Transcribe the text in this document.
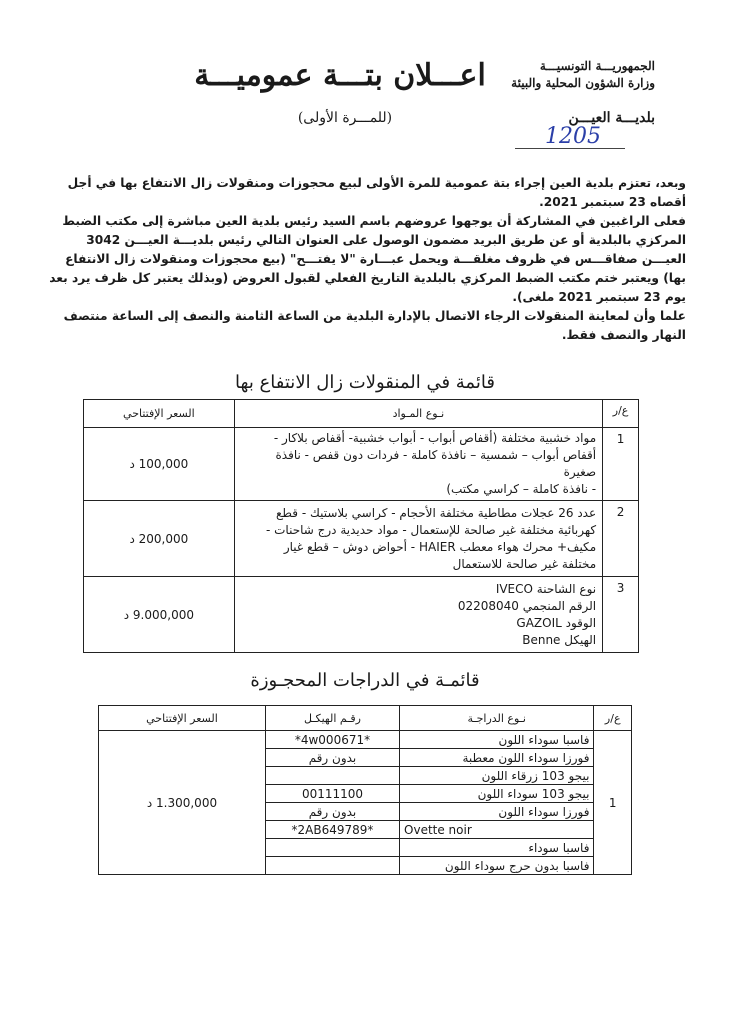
الجمهوريـــة التونسيـــة
وزارة الشؤون المحلية والبيئة
بلديـــة العيـــن
1205
اعـــلان بتـــة عموميـــة
(للمـــرة الأولى)

وبعد، تعتزم بلدية العين إجراء بتة عمومية للمرة الأولى لبيع محجوزات ومنقولات زال الانتفاع بها في أجل أقصاه 23 سبتمبر 2021.

فعلى الراغبين في المشاركة أن يوجهوا عروضهم باسم السيد رئيس بلدية العين مباشرة إلى مكتب الضبط المركزي بالبلدية أو عن طريق البريد مضمون الوصول على العنوان التالي رئيس بلديـــة العيـــن 3042 العيـــن صفاقـــس في ظروف مغلقـــة ويحمل عبـــارة "لا يفتـــح" (بيع محجوزات ومنقولات زال الانتفاع بها) ويعتبر ختم مكتب الضبط المركزي بالبلدية التاريخ الفعلي لقبول العروض (وبذلك يعتبر كل ظرف يرد بعد يوم 23 سبتمبر 2021 ملغى).

علما وأن لمعاينة المنقولات الرجاء الاتصال بالإدارة البلدية من الساعة الثامنة والنصف إلى الساعة منتصف النهار والنصف فقط.

قائمة في المنقولات زال الانتفاع بها
ع/ر	نـوع المـواد	السعر الإفتتاحي
1	مواد خشبية مختلفة (أقفاص أبواب - أبواب خشبية- أقفاص بلاكار -
أقفاص أبواب – شمسية – نافذة كاملة - فردات دون قفص - نافذة صغيرة
- نافذة كاملة – كراسي مكتب)	100,000 د
2	عدد 26 عجلات مطاطية مختلفة الأحجام - كراسي بلاستيك - قطع
كهربائية مختلفة غير صالحة للإستعمال - مواد حديدية درج شاحنات -
مكيف+ محرك هواء معطب HAIER - أحواض دوش – قطع غيار
مختلفة غير صالحة للاستعمال	200,000 د
3	نوع الشاحنة IVECO
الرقم المنجمي 02208040
الوقود GAZOIL
الهيكل Benne	9.000,000 د
قائمـة في الدراجات المحجـوزة
ع/ر	نـوع الدراجـة	رقـم الهيكـل	السعر الإفتتاحي
1	فاسبا سوداء اللون	*4w000671*	1.300,000 د
	فورزا سوداء اللون معطبة	بدون رقم	
	بيجو 103 زرقاء اللون		
	بيجو 103 سوداء اللون	00111100	
	فورزا سوداء اللون	بدون رقم	
	Ovette noir	*2AB649789*	
	فاسبا سوداء		
	فاسبا بدون حرج سوداء اللون		
